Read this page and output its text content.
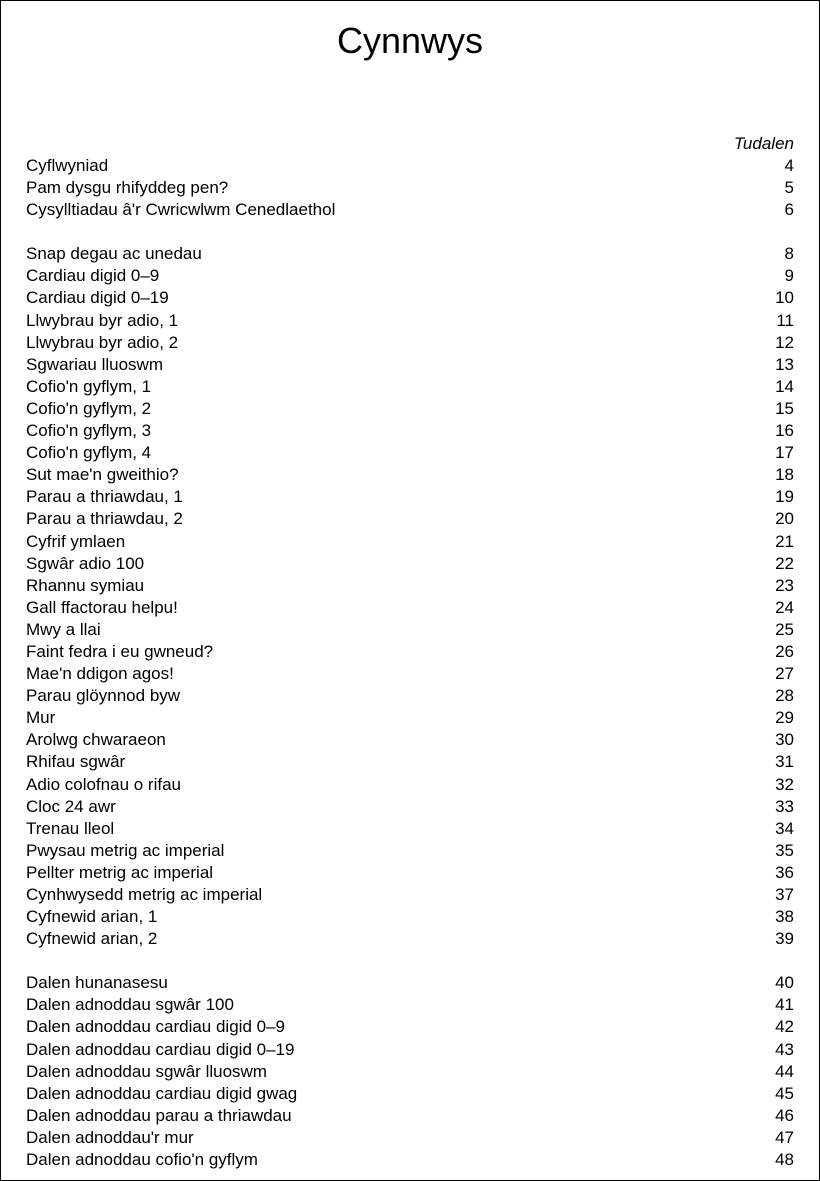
Cynnwys
Tudalen
Cyflwyniad	4
Pam dysgu rhifyddeg pen?	5
Cysylltiadau â'r Cwricwlwm Cenedlaethol	6
Snap degau ac unedau	8
Cardiau digid 0–9	9
Cardiau digid 0–19	10
Llwybrau byr adio, 1	11
Llwybrau byr adio, 2	12
Sgwariau lluoswm	13
Cofio'n gyflym, 1	14
Cofio'n gyflym, 2	15
Cofio'n gyflym, 3	16
Cofio'n gyflym, 4	17
Sut mae'n gweithio?	18
Parau a thriawdau, 1	19
Parau a thriawdau, 2	20
Cyfrif ymlaen	21
Sgwâr adio 100	22
Rhannu symiau	23
Gall ffactorau helpu!	24
Mwy a llai	25
Faint fedra i eu gwneud?	26
Mae'n ddigon agos!	27
Parau glöynnod byw	28
Mur	29
Arolwg chwaraeon	30
Rhifau sgwâr	31
Adio colofnau o rifau	32
Cloc 24 awr	33
Trenau lleol	34
Pwysau metrig ac imperial	35
Pellter metrig ac imperial	36
Cynhwysedd metrig ac imperial	37
Cyfnewid arian, 1	38
Cyfnewid arian, 2	39
Dalen hunanasesu	40
Dalen adnoddau sgwâr 100	41
Dalen adnoddau cardiau digid 0–9	42
Dalen adnoddau cardiau digid 0–19	43
Dalen adnoddau sgwâr lluoswm	44
Dalen adnoddau cardiau digid gwag	45
Dalen adnoddau parau a thriawdau	46
Dalen adnoddau'r mur	47
Dalen adnoddau cofio'n gyflym	48
